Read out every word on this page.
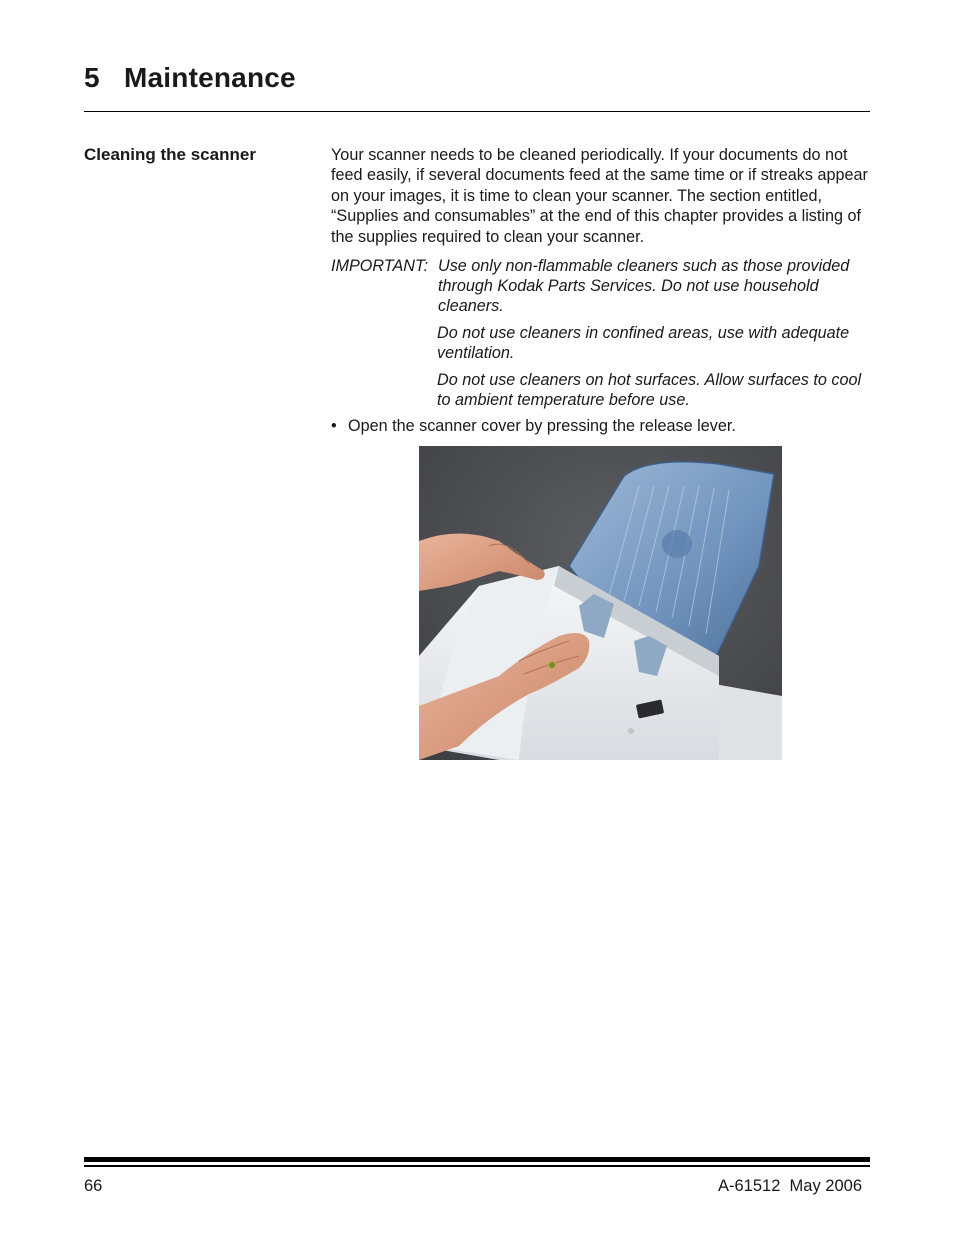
5 Maintenance
Cleaning the scanner	Your scanner needs to be cleaned periodically. If your documents do not feed easily, if several documents feed at the same time or if streaks appear on your images, it is time to clean your scanner. The section entitled, “Supplies and consumables” at the end of this chapter provides a listing of the supplies required to clean your scanner.
IMPORTANT: Use only non-flammable cleaners such as those provided through Kodak Parts Services. Do not use household cleaners.
Do not use cleaners in confined areas, use with adequate ventilation.
Do not use cleaners on hot surfaces. Allow surfaces to cool to ambient temperature before use.
• Open the scanner cover by pressing the release lever.
66	A-61512  May 2006
